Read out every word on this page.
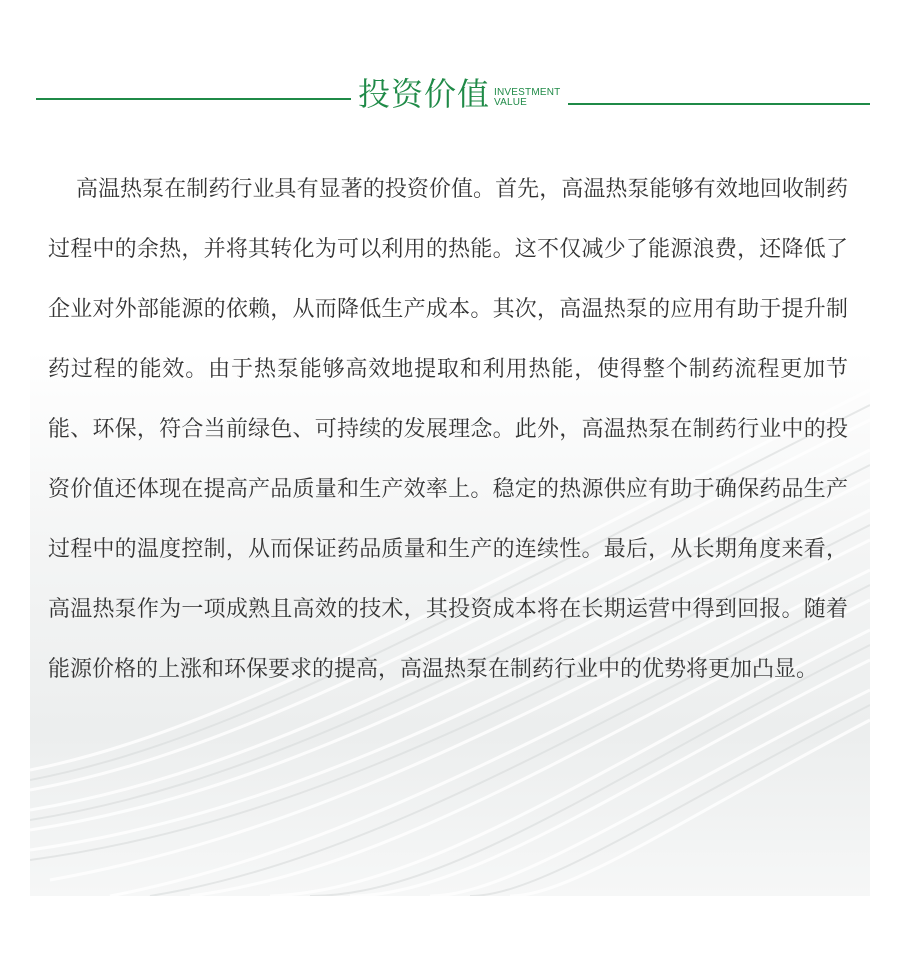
投资价值 INVESTMENT
VALUE

高温热泵在制药行业具有显著的投资价值。首先，高温热泵能够有效地回收制药过程中的余热，并将其转化为可以利用的热能。这不仅减少了能源浪费，还降低了企业对外部能源的依赖，从而降低生产成本。其次，高温热泵的应用有助于提升制药过程的能效。由于热泵能够高效地提取和利用热能，使得整个制药流程更加节能、环保，符合当前绿色、可持续的发展理念。此外，高温热泵在制药行业中的投资价值还体现在提高产品质量和生产效率上。稳定的热源供应有助于确保药品生产过程中的温度控制，从而保证药品质量和生产的连续性。最后，从长期角度来看，高温热泵作为一项成熟且高效的技术，其投资成本将在长期运营中得到回报。随着能源价格的上涨和环保要求的提高，高温热泵在制药行业中的优势将更加凸显。
